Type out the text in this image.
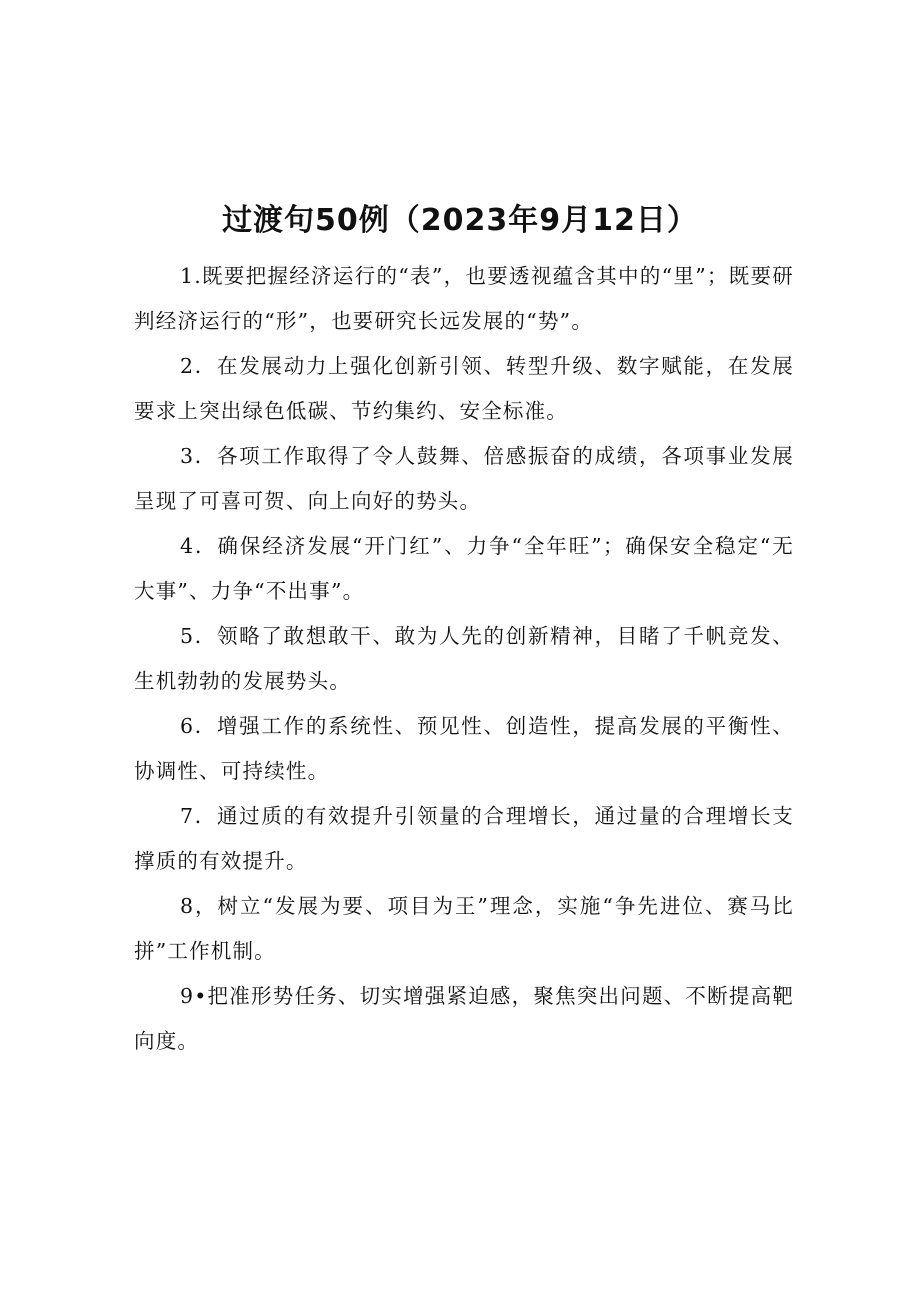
过渡句50例（2023年9月12日）

1.既要把握经济运行的“表”，也要透视蕴含其中的“里”；既要研判经济运行的“形”，也要研究长远发展的“势”。

2．在发展动力上强化创新引领、转型升级、数字赋能，在发展要求上突出绿色低碳、节约集约、安全标准。

3．各项工作取得了令人鼓舞、倍感振奋的成绩，各项事业发展呈现了可喜可贺、向上向好的势头。

4．确保经济发展“开门红”、力争“全年旺”；确保安全稳定“无大事”、力争“不出事”。

5．领略了敢想敢干、敢为人先的创新精神，目睹了千帆竞发、生机勃勃的发展势头。

6．增强工作的系统性、预见性、创造性，提高发展的平衡性、协调性、可持续性。

7．通过质的有效提升引领量的合理增长，通过量的合理增长支撑质的有效提升。

8，树立“发展为要、项目为王”理念，实施“争先进位、赛马比拼”工作机制。

9•把准形势任务、切实增强紧迫感，聚焦突出问题、不断提高靶向度。
